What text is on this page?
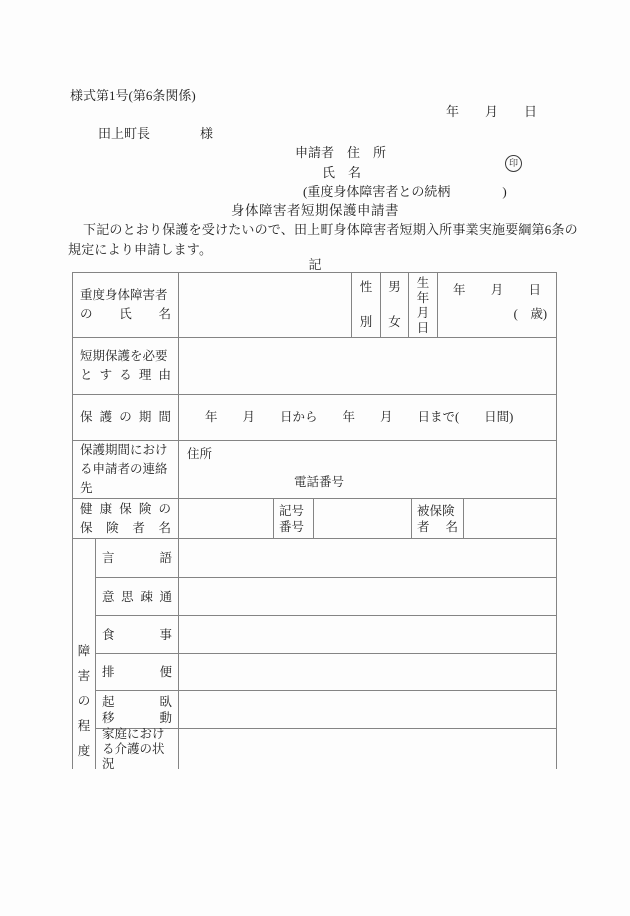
様式第1号(第6条関係)
年　　月　　日
田上町長	様
申請者　住　所
氏　名
印
(重度身体障害者との続柄　　　　)
身体障害者短期保護申請書
下記のとおり保護を受けたいので、田上町身体障害者短期入所事業実施要綱第6条の
規定により申請します。
記
重度身体障害者
の　氏　名
性
別
男
女
生年月日
年　月　日
(　歳)
短期保護を必要
とする理由
保護の期間	年　　月　　日から　　年　　月　　日まで(　　日間)
保護期間におけ
る申請者の連絡
先
住所
電話番号
健康保険の
保険者名
記号
番号
被保険
者　名
障害の程度
言語
意思疎通
食事
排便
起臥
移動
家庭におけ
る介護の状
況
